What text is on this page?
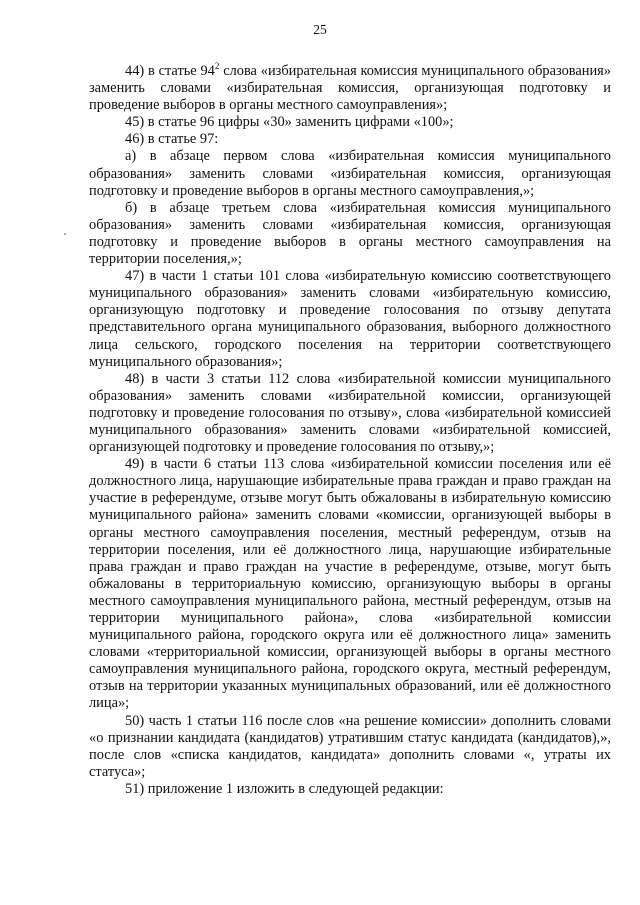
25

44) в статье $94^2$ слова «избирательная комиссия муниципального образования» заменить словами «избирательная комиссия, организующая подготовку и проведение выборов в органы местного самоуправления»;

45) в статье 96 цифры «30» заменить цифрами «100»;

46) в статье 97:

а) в абзаце первом слова «избирательная комиссия муниципального образования» заменить словами «избирательная комиссия, организующая подготовку и проведение выборов в органы местного самоуправления,»;

б) в абзаце третьем слова «избирательная комиссия муниципального образования» заменить словами «избирательная комиссия, организующая подготовку и проведение выборов в органы местного самоуправления на территории поселения,»;

47) в части 1 статьи 101 слова «избирательную комиссию соответствующего муниципального образования» заменить словами «избирательную комиссию, организующую подготовку и проведение голосования по отзыву депутата представительного органа муниципального образования, выборного должностного лица сельского, городского поселения на территории соответствующего муниципального образования»;

48) в части 3 статьи 112 слова «избирательной комиссии муниципального образования» заменить словами «избирательной комиссии, организующей подготовку и проведение голосования по отзыву», слова «избирательной комиссией муниципального образования» заменить словами «избирательной комиссией, организующей подготовку и проведение голосования по отзыву,»;

49) в части 6 статьи 113 слова «избирательной комиссии поселения или её должностного лица, нарушающие избирательные права граждан и право граждан на участие в референдуме, отзыве могут быть обжалованы в избирательную комиссию муниципального района» заменить словами «комиссии, организующей выборы в органы местного самоуправления поселения, местный референдум, отзыв на территории поселения, или её должностного лица, нарушающие избирательные права граждан и право граждан на участие в референдуме, отзыве, могут быть обжалованы в территориальную комиссию, организующую выборы в органы местного самоуправления муниципального района, местный референдум, отзыв на территории муниципального района», слова «избирательной комиссии муниципального района, городского округа или её должностного лица» заменить словами «территориальной комиссии, организующей выборы в органы местного самоуправления муниципального района, городского округа, местный референдум, отзыв на территории указанных муниципальных образований, или её должностного лица»;

50) часть 1 статьи 116 после слов «на решение комиссии» дополнить словами «о признании кандидата (кандидатов) утратившим статус кандидата (кандидатов),», после слов «списка кандидатов, кандидата» дополнить словами «, утраты их статуса»;

51) приложение 1 изложить в следующей редакции:
